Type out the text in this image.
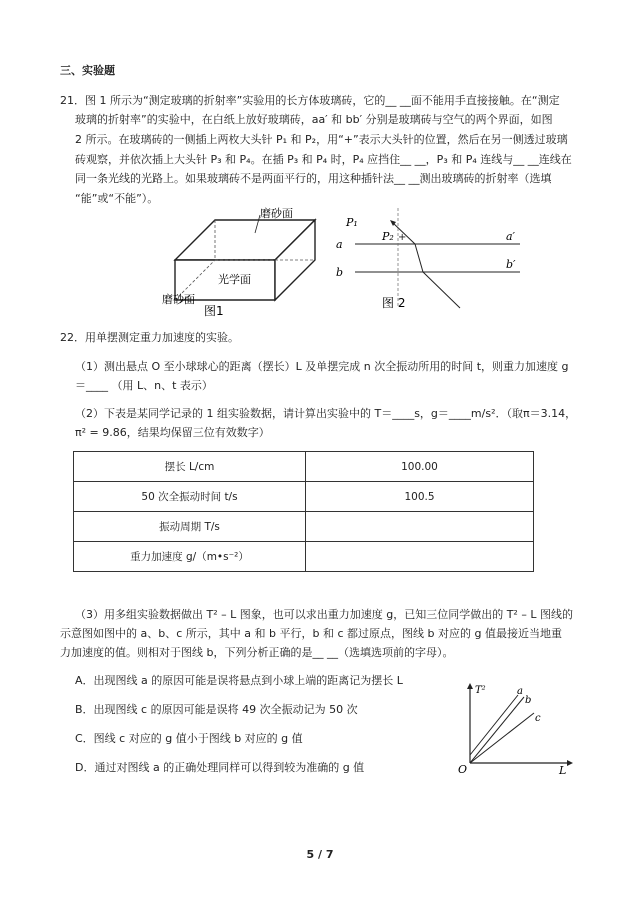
三、实验题
21．图 1 所示为“测定玻璃的折射率”实验用的长方体玻璃砖，它的__ __面不能用手直接接触。在“测定
玻璃的折射率”的实验中，在白纸上放好玻璃砖，aa′ 和 bb′ 分别是玻璃砖与空气的两个界面，如图
2 所示。在玻璃砖的一侧插上两枚大头针 P₁ 和 P₂，用“+”表示大头针的位置，然后在另一侧透过玻璃
砖观察，并依次插上大头针 P₃ 和 P₄。在插 P₃ 和 P₄ 时，P₄ 应挡住__ __，P₃ 和 P₄ 连线与__ __连线在
同一条光线的光路上。如果玻璃砖不是两面平行的，用这种插针法__ __测出玻璃砖的折射率（选填
“能”或“不能”）。
磨砂面
光学面
磨砂面
图1
+
P₁
P₂
a
b
a′
b′
图 2
22．用单摆测定重力加速度的实验。
（1）测出悬点 O 至小球球心的距离（摆长）L 及单摆完成 n 次全振动所用的时间 t，则重力加速度 g
＝____ （用 L、n、t 表示）
（2）下表是某同学记录的 1 组实验数据，请计算出实验中的 T＝____s，g＝____m/s²．（取π＝3.14，
π² = 9.86，结果均保留三位有效数字）
摆长 L/cm	100.00
50 次全振动时间 t/s	100.5
振动周期 T/s	
重力加速度 g/（m•s⁻²）	
（3）用多组实验数据做出 T² – L 图象，也可以求出重力加速度 g，已知三位同学做出的 T² – L 图线的
示意图如图中的 a、b、c 所示，其中 a 和 b 平行，b 和 c 都过原点，图线 b 对应的 g 值最接近当地重
力加速度的值。则相对于图线 b，下列分析正确的是__ __（选填选项前的字母）。
A．出现图线 a 的原因可能是误将悬点到小球上端的距离记为摆长 L
B．出现图线 c 的原因可能是误将 49 次全振动记为 50 次
C．图线 c 对应的 g 值小于图线 b 对应的 g 值
D．通过对图线 a 的正确处理同样可以得到较为准确的 g 值
T²
L
O
a
b
c
5 / 7
